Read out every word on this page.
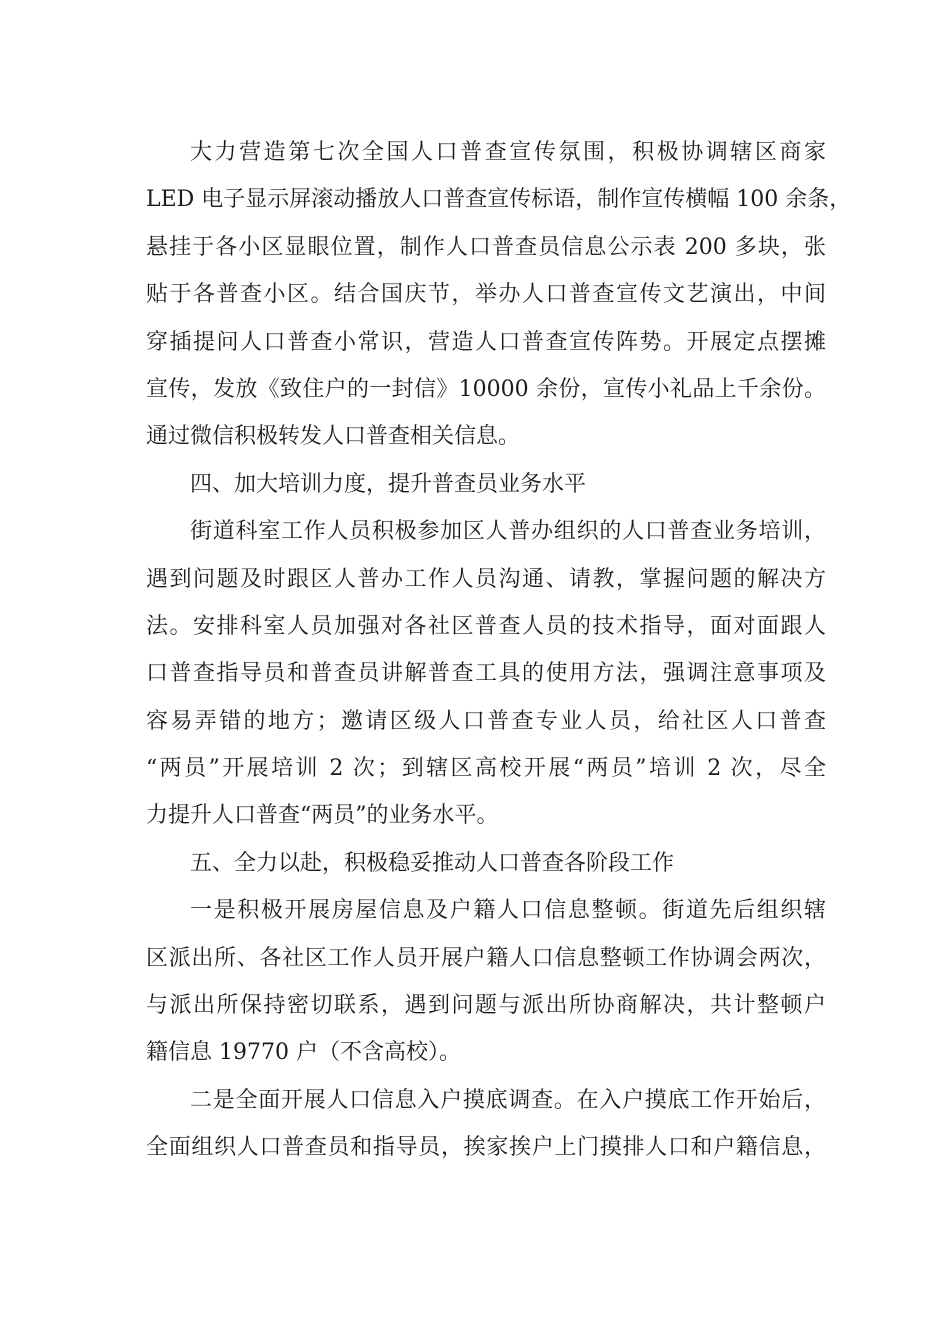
大力营造第七次全国人口普查宣传氛围，积极协调辖区商家
LED 电子显示屏滚动播放人口普查宣传标语，制作宣传横幅 100 余条，
悬挂于各小区显眼位置，制作人口普查员信息公示表 200 多块，张
贴于各普查小区。结合国庆节，举办人口普查宣传文艺演出，中间
穿插提问人口普查小常识，营造人口普查宣传阵势。开展定点摆摊
宣传，发放《致住户的一封信》10000 余份，宣传小礼品上千余份。
通过微信积极转发人口普查相关信息。
四、加大培训力度，提升普查员业务水平
街道科室工作人员积极参加区人普办组织的人口普查业务培训，
遇到问题及时跟区人普办工作人员沟通、请教，掌握问题的解决方
法。安排科室人员加强对各社区普查人员的技术指导，面对面跟人
口普查指导员和普查员讲解普查工具的使用方法，强调注意事项及
容易弄错的地方；邀请区级人口普查专业人员，给社区人口普查
“两员”开展培训 2 次；到辖区高校开展“两员”培训 2 次，尽全
力提升人口普查“两员”的业务水平。
五、全力以赴，积极稳妥推动人口普查各阶段工作
一是积极开展房屋信息及户籍人口信息整顿。街道先后组织辖
区派出所、各社区工作人员开展户籍人口信息整顿工作协调会两次，
与派出所保持密切联系，遇到问题与派出所协商解决，共计整顿户
籍信息 19770 户（不含高校）。
二是全面开展人口信息入户摸底调查。在入户摸底工作开始后，
全面组织人口普查员和指导员，挨家挨户上门摸排人口和户籍信息，
